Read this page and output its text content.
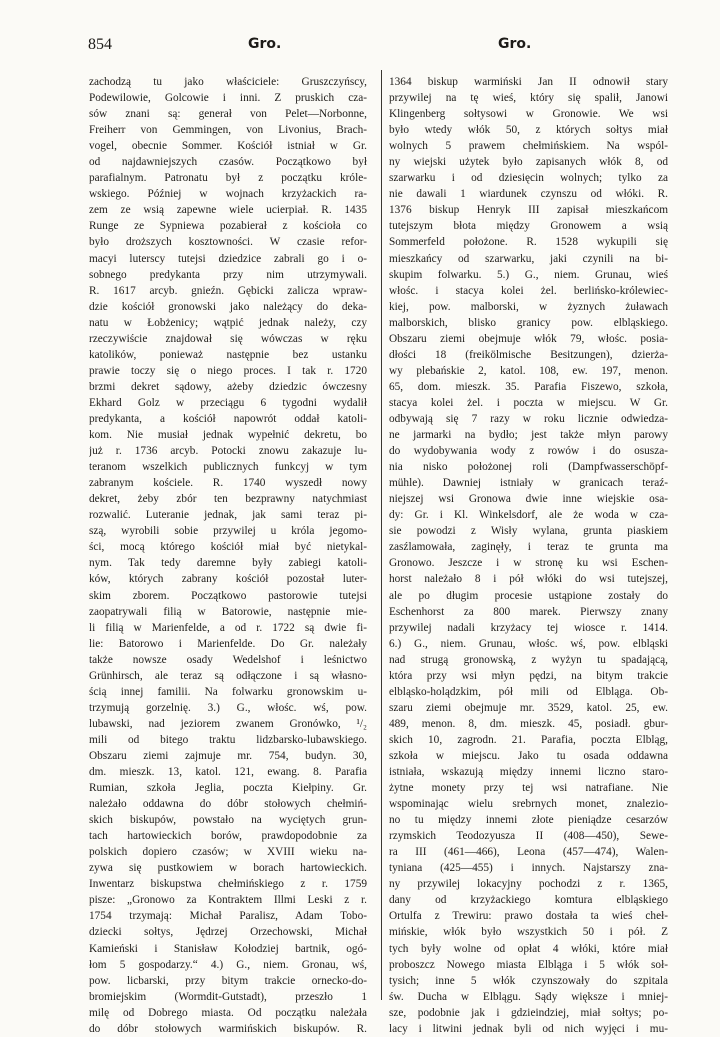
854	Gro.	Gro.
zachodzą tu jako właściciele: Gruszczyńscy,
Podewilowie, Golcowie i inni. Z pruskich cza-
sów znani są: generał von Pelet—Norbonne,
Freiherr von Gemmingen, von Livonius, Brach-
vogel, obecnie Sommer. Kościół istniał w Gr.
od najdawniejszych czasów. Początkowo był
parafialnym. Patronatu był z początku króle-
wskiego. Później w wojnach krzyżackich ra-
zem ze wsią zapewne wiele ucierpiał. R. 1435
Runge ze Sypniewa pozabierał z kościoła co
było droższych kosztowności. W czasie refor-
macyi luterscy tutejsi dziedzice zabrali go i o-
sobnego predykanta przy nim utrzymywali.
R. 1617 arcyb. gnieźn. Gębicki zalicza wpraw-
dzie kościół gronowski jako należący do deka-
natu w Łobżenicy; wątpić jednak należy, czy
rzeczywiście znajdował się wówczas w ręku
katolików, ponieważ następnie bez ustanku
prawie toczy się o niego proces. I tak r. 1720
brzmi dekret sądowy, ażeby dziedzic ówczesny
Ekhard Golz w przeciągu 6 tygodni wydalił
predykanta, a kościół napowrót oddał katoli-
kom. Nie musiał jednak wypełnić dekretu, bo
już r. 1736 arcyb. Potocki znowu zakazuje lu-
teranom wszelkich publicznych funkcyj w tym
zabranym kościele. R. 1740 wyszedł nowy
dekret, żeby zbór ten bezprawny natychmiast
rozwalić. Luteranie jednak, jak sami teraz pi-
szą, wyrobili sobie przywilej u króla jegomo-
ści, mocą którego kościół miał być nietykal-
nym. Tak tedy daremne były zabiegi katoli-
ków, których zabrany kościół pozostał luter-
skim zborem. Początkowo pastorowie tutejsi
zaopatrywali filią w Batorowie, następnie mie-
li filią w Marienfelde, a od r. 1722 są dwie fi-
lie: Batorowo i Marienfelde. Do Gr. należały
także nowsze osady Wedelshof i leśnictwo
Grünhirsch, ale teraz są odłączone i są własno-
ścią innej familii. Na folwarku gronowskim u-
trzymują gorzelnię. 3.) G., włośc. wś, pow.
lubawski, nad jeziorem zwanem Gronówko, ¹/₂
mili od bitego traktu lidzbarsko-lubawskiego.
Obszaru ziemi zajmuje mr. 754, budyn. 30,
dm. mieszk. 13, katol. 121, ewang. 8. Parafia
Rumian, szkoła Jeglia, poczta Kiełpiny. Gr.
należało oddawna do dóbr stołowych chełmiń-
skich biskupów, powstało na wyciętych grun-
tach hartowieckich borów, prawdopodobnie za
polskich dopiero czasów; w XVIII wieku na-
zywa się pustkowiem w borach hartowieckich.
Inwentarz biskupstwa chełmińskiego z r. 1759
pisze: „Gronowo za Kontraktem Illmi Leski z r.
1754 trzymają: Michał Paralisz, Adam Tobo-
dziecki sołtys, Jędrzej Orzechowski, Michał
Kamieński i Stanisław Kołodziej bartnik, ogó-
łom 5 gospodarzy.“ 4.) G., niem. Gronau, wś,
pow. licbarski, przy bitym trakcie ornecko-do-
bromiejskim (Wormdit-Gutstadt), przeszło 1
milę od Dobrego miasta. Od początku należała
do dóbr stołowych warmińskich biskupów. R.
1364 biskup warmiński Jan II odnowił stary
przywilej na tę wieś, który się spalił, Janowi
Klingenberg sołtysowi w Gronowie. We wsi
było wtedy włók 50, z których sołtys miał
wolnych 5 prawem chełmińskiem. Na wspól-
ny wiejski użytek było zapisanych włók 8, od
szarwarku i od dziesięcin wolnych; tylko za
nie dawali 1 wiardunek czynszu od włóki. R.
1376 biskup Henryk III zapisał mieszkańcom
tutejszym błota między Gronowem a wsią
Sommerfeld położone. R. 1528 wykupili się
mieszkańcy od szarwarku, jaki czynili na bi-
skupim folwarku. 5.) G., niem. Grunau, wieś
włośc. i stacya kolei żel. berlińsko-królewiec-
kiej, pow. malborski, w żyznych żuławach
malborskich, blisko granicy pow. elbląskiego.
Obszaru ziemi obejmuje włók 79, włośc. posia-
dłości 18 (freikölmische Besitzungen), dzierża-
wy plebańskie 2, katol. 108, ew. 197, menon.
65, dom. mieszk. 35. Parafia Fiszewo, szkoła,
stacya kolei żel. i poczta w miejscu. W Gr.
odbywają się 7 razy w roku licznie odwiedza-
ne jarmarki na bydło; jest także młyn parowy
do wydobywania wody z rowów i do osusza-
nia nisko położonej roli (Dampfwasserschöpf-
mühle). Dawniej istniały w granicach teraź-
niejszej wsi Gronowa dwie inne wiejskie osa-
dy: Gr. i Kl. Winkelsdorf, ale że woda w cza-
sie powodzi z Wisły wylana, grunta piaskiem
zasźlamowała, zaginęły, i teraz te grunta ma
Gronowo. Jeszcze i w stronę ku wsi Eschen-
horst należało 8 i pół włóki do wsi tutejszej,
ale po długim procesie ustąpione zostały do
Eschenhorst za 800 marek. Pierwszy znany
przywilej nadali krzyżacy tej wiosce r. 1414.
6.) G., niem. Grunau, włośc. wś, pow. elbląski
nad strugą gronowską, z wyżyn tu spadającą,
która przy wsi młyn pędzi, na bitym trakcie
elbląsko-holądzkim, pół mili od Elbląga. Ob-
szaru ziemi obejmuje mr. 3529, katol. 25, ew.
489, menon. 8, dm. mieszk. 45, posiadł. gbur-
skich 10, zagrodn. 21. Parafia, poczta Elbląg,
szkoła w miejscu. Jako tu osada oddawna
istniała, wskazują między innemi liczno staro-
żytne monety przy tej wsi natrafiane. Nie
wspominając wielu srebrnych monet, znalezio-
no tu między innemi złote pieniądze cesarzów
rzymskich Teodozyusza II (408—450), Sewe-
ra III (461—466), Leona (457—474), Walen-
tyniana (425—455) i innych. Najstarszy zna-
ny przywilej lokacyjny pochodzi z r. 1365,
dany od krzyżackiego komtura elbląskiego
Ortulfa z Trewiru: prawo dostała ta wieś cheł-
mińskie, włók było wszystkich 50 i pół. Z
tych były wolne od opłat 4 włóki, które miał
proboszcz Nowego miasta Elbląga i 5 włók soł-
tysich; inne 5 włók czynszowały do szpitala
św. Ducha w Elblągu. Sądy większe i mniej-
sze, podobnie jak i gdzieindziej, miał sołtys; po-
lacy i litwini jednak byli od nich wyjęci i mu-
